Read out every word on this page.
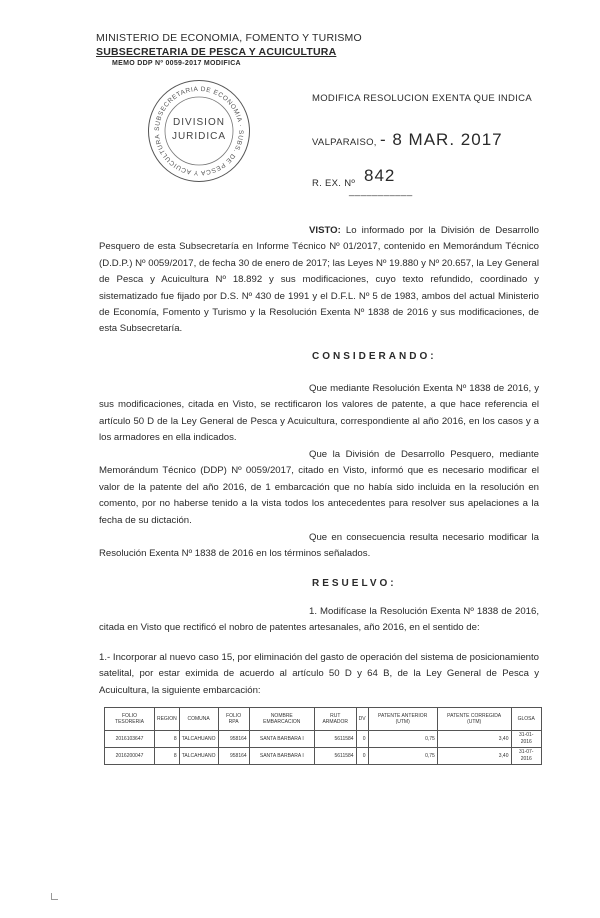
MINISTERIO DE ECONOMIA, FOMENTO Y TURISMO
SUBSECRETARIA DE PESCA Y ACUICULTURA
MEMO DDP Nº 0059-2017 MODIFICA
SUBSECRETARIA DE ECONOMIA · SUBS. DE PESCA Y ACUICULTURA
DIVISION
JURIDICA
MODIFICA RESOLUCION EXENTA QUE INDICA
VALPARAISO, - 8 MAR. 2017
R. EX. Nº
___________
842
VISTO: Lo informado por la División de Desarrollo Pesquero de esta Subsecretaría en Informe Técnico Nº 01/2017, contenido en Memorándum Técnico (D.D.P.) Nº 0059/2017, de fecha 30 de enero de 2017; las Leyes Nº 19.880 y Nº 20.657, la Ley General de Pesca y Acuicultura Nº 18.892 y sus modificaciones, cuyo texto refundido, coordinado y sistematizado fue fijado por D.S. Nº 430 de 1991 y el D.F.L. Nº 5 de 1983, ambos del actual Ministerio de Economía, Fomento y Turismo y la Resolución Exenta Nº 1838 de 2016 y sus modificaciones, de esta Subsecretaría.
CONSIDERANDO:
Que mediante Resolución Exenta Nº 1838 de 2016, y sus modificaciones, citada en Visto, se rectificaron los valores de patente, a que hace referencia el artículo 50 D de la Ley General de Pesca y Acuicultura, correspondiente al año 2016, en los casos y a los armadores en ella indicados.
Que la División de Desarrollo Pesquero, mediante Memorándum Técnico (DDP) Nº 0059/2017, citado en Visto, informó que es necesario modificar el valor de la patente del año 2016, de 1 embarcación que no había sido incluida en la resolución en comento, por no haberse tenido a la vista todos los antecedentes para resolver sus apelaciones a la fecha de su dictación.
Que en consecuencia resulta necesario modificar la Resolución Exenta Nº 1838 de 2016 en los términos señalados.
RESUELVO:
1. Modifícase la Resolución Exenta Nº 1838 de 2016, citada en Visto que rectificó el nobro de patentes artesanales, año 2016, en el sentido de:
1.- Incorporar al nuevo caso 15, por eliminación del gasto de operación del sistema de posicionamiento satelital, por estar eximida de acuerdo al artículo 50 D y 64 B, de la Ley General de Pesca y Acuicultura, la siguiente embarcación:
FOLIO TESORERIA	REGION	COMUNA	FOLIO RPA	NOMBRE EMBARCACION	RUT ARMADOR	DV	PATENTE ANTERIOR (UTM)	PATENTE CORREGIDA (UTM)	GLOSA
2016103647	8	TALCAHUANO	958164	SANTA BARBARA I	5611584	0	0,75	3,40	31-01-2016
2016200047	8	TALCAHUANO	958164	SANTA BARBARA I	5611584	0	0,75	3,40	31-07-2016
